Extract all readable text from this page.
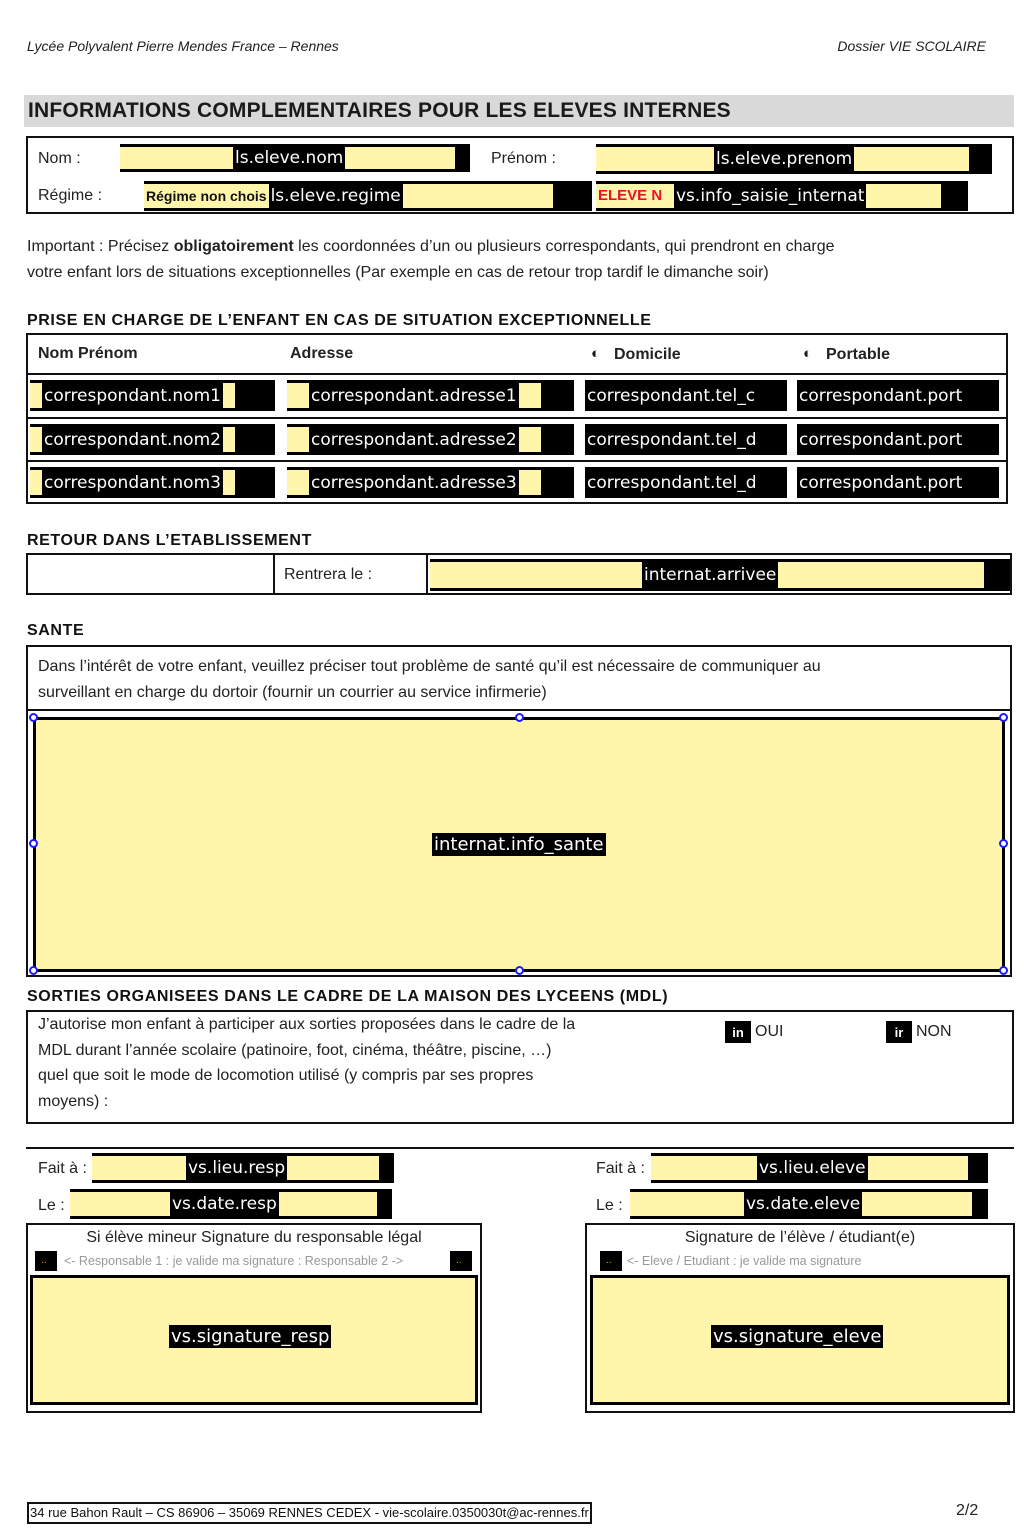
Lycée Polyvalent Pierre Mendes France – Rennes	Dossier VIE SCOLAIRE
INFORMATIONS COMPLEMENTAIRES POUR LES ELEVES INTERNES
Nom :	ls.eleve.nom	Prénom :	ls.eleve.prenom
Régime :	Régime non chois ls.eleve.regime	ELEVE N vs.info_saisie_internat
Important : Précisez obligatoirement les coordonnées d’un ou plusieurs correspondants, qui prendront en charge
votre enfant lors de situations exceptionnelles (Par exemple en cas de retour trop tardif le dimanche soir)
PRISE EN CHARGE DE L’ENFANT EN CAS DE SITUATION EXCEPTIONNELLE
Nom Prénom	Adresse	◐ Domicile	◐ Portable
correspondant.nom1	correspondant.adresse1	correspondant.tel_c	correspondant.port
correspondant.nom2	correspondant.adresse2	correspondant.tel_d correspondant.port
correspondant.nom3	correspondant.adresse3	correspondant.tel_d correspondant.port
RETOUR DANS L’ETABLISSEMENT
Rentrera le :	internat.arrivee
SANTE
Dans l’intérêt de votre enfant, veuillez préciser tout problème de santé qu’il est nécessaire de communiquer au
surveillant en charge du dortoir (fournir un courrier au service infirmerie)
internat.info_sante
SORTIES ORGANISEES DANS LE CADRE DE LA MAISON DES LYCEENS (MDL)
J’autorise mon enfant à participer aux sorties proposées dans le cadre de la
MDL durant l’année scolaire (patinoire, foot, cinéma, théâtre, piscine, …)
quel que soit le mode de locomotion utilisé (y compris par ses propres
moyens) :
in OUI	ir NON
Fait à :	vs.lieu.resp
Le :	vs.date.resp
Si élève mineur Signature du responsable légal
..
<- Responsable 1 : je valide ma signature : Responsable 2 ->
..
vs.signature_resp
Fait à :	vs.lieu.eleve
Le :	vs.date.eleve
Signature de l’élève / étudiant(e)
..
<- Eleve / Etudiant : je valide ma signature
vs.signature_eleve
34 rue Bahon Rault – CS 86906 – 35069 RENNES CEDEX - vie-scolaire.0350030t@ac-rennes.fr	2/2
